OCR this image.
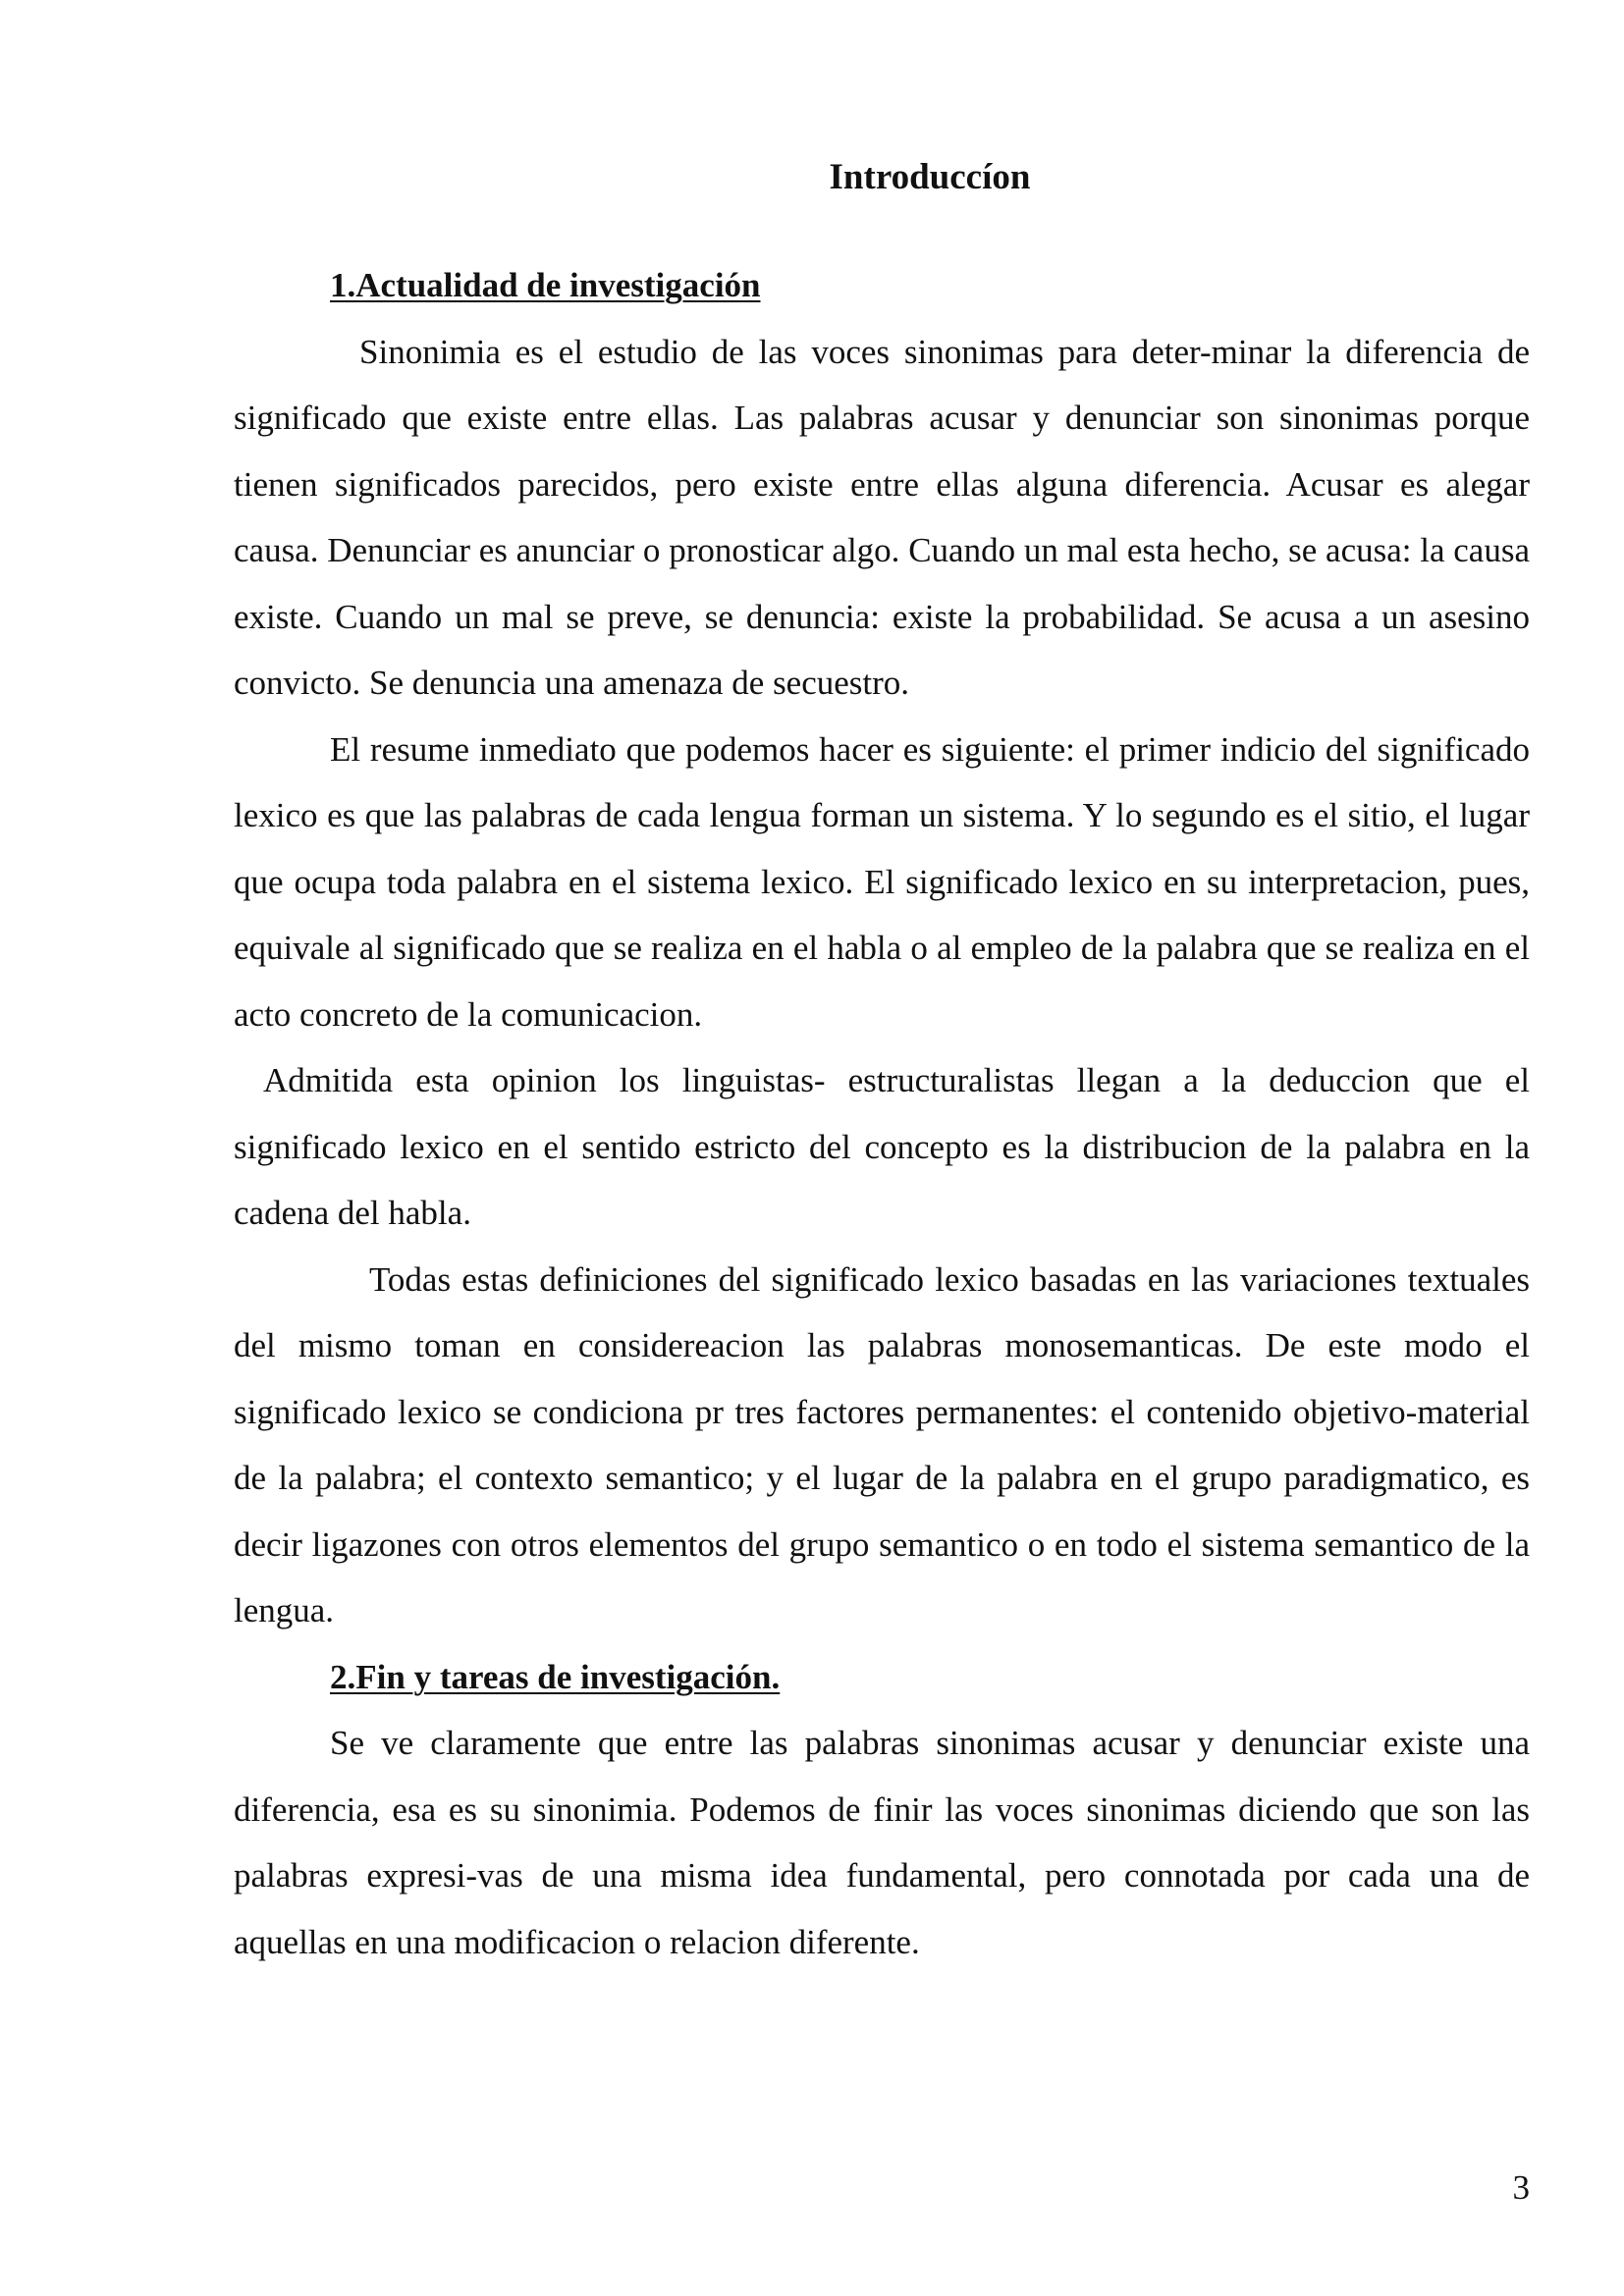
Introduccíon
1.Actualidad de investigación

Sinonimia es el estudio de las voces sinonimas para deter-minar la diferencia de significado que existe entre ellas. Las palabras acusar y denunciar son sinonimas porque tienen significados parecidos, pero existe entre ellas alguna diferencia. Acusar es alegar causa. Denunciar es anunciar o pronosticar algo. Cuando un mal esta hecho, se acusa: la causa existe. Cuando un mal se preve, se denuncia: existe la probabilidad. Se acusa a un asesino convicto. Se denuncia una amenaza de secuestro.

El resume inmediato que podemos hacer es siguiente: el primer indicio del significado lexico es que las palabras de cada lengua forman un sistema. Y lo segundo es el sitio, el lugar que ocupa toda palabra en el sistema lexico. El significado lexico en su interpretacion, pues, equivale al significado que se realiza en el habla o al empleo de la palabra que se realiza en el acto concreto de la comunicacion.

Admitida esta opinion los linguistas- estructuralistas llegan a la deduccion que el significado lexico en el sentido estricto del concepto es la distribucion de la palabra en la cadena del habla.

Todas estas definiciones del significado lexico basadas en las variaciones textuales del mismo toman en considereacion las palabras monosemanticas. De este modo el significado lexico se condiciona pr tres factores permanentes: el contenido objetivo-material de la palabra; el contexto semantico; y el lugar de la palabra en el grupo paradigmatico, es decir ligazones con otros elementos del grupo semantico o en todo el sistema semantico de la lengua.

2.Fin y tareas de investigación.

Se ve claramente que entre las palabras sinonimas acusar y denunciar existe una diferencia, esa es su sinonimia. Podemos de finir las voces sinonimas diciendo que son las palabras expresi-vas de una misma idea fundamental, pero connotada por cada una de aquellas en una modificacion o relacion diferente.

3
